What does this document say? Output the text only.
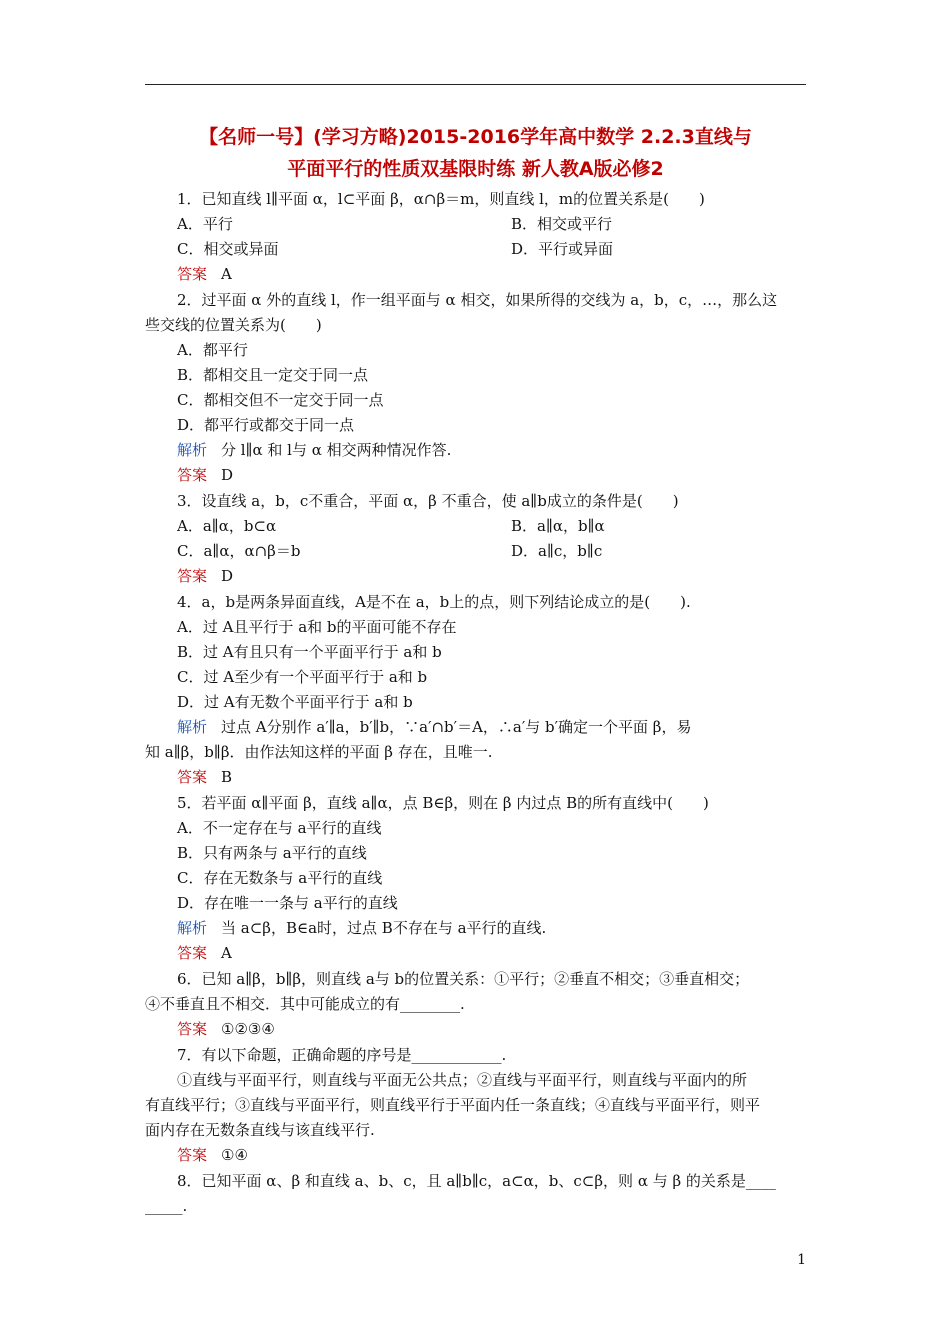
【名师一号】(学习方略)2015-2016学年高中数学 2.2.3直线与
平面平行的性质双基限时练 新人教A版必修2
1．已知直线 l∥平面 α，l⊂平面 β，α∩β＝m，则直线 l，m的位置关系是(　　)
A．平行	B．相交或平行
C．相交或异面	D．平行或异面
答案 A
2．过平面 α 外的直线 l，作一组平面与 α 相交，如果所得的交线为 a，b，c，…，那么这
些交线的位置关系为(　　)
A．都平行
B．都相交且一定交于同一点
C．都相交但不一定交于同一点
D．都平行或都交于同一点
解析 分 l∥α 和 l与 α 相交两种情况作答.
答案 D
3．设直线 a，b，c不重合，平面 α，β 不重合，使 a∥b成立的条件是(　　)
A．a∥α，b⊂α	B．a∥α，b∥α
C．a∥α，α∩β＝b	D．a∥c，b∥c
答案 D
4．a，b是两条异面直线，A是不在 a，b上的点，则下列结论成立的是(　　).
A．过 A且平行于 a和 b的平面可能不存在
B．过 A有且只有一个平面平行于 a和 b
C．过 A至少有一个平面平行于 a和 b
D．过 A有无数个平面平行于 a和 b
解析 过点 A分别作 a′∥a，b′∥b，∵a′∩b′＝A，∴a′与 b′确定一个平面 β，易
知 a∥β，b∥β．由作法知这样的平面 β 存在，且唯一.
答案 B
5．若平面 α∥平面 β，直线 a∥α，点 B∈β，则在 β 内过点 B的所有直线中(　　)
A．不一定存在与 a平行的直线
B．只有两条与 a平行的直线
C．存在无数条与 a平行的直线
D．存在唯一一条与 a平行的直线
解析 当 a⊂β，B∈a时，过点 B不存在与 a平行的直线.
答案 A
6．已知 a∥β，b∥β，则直线 a与 b的位置关系：①平行；②垂直不相交；③垂直相交；
④不垂直且不相交．其中可能成立的有________.
答案 ①②③④
7．有以下命题，正确命题的序号是____________.
①直线与平面平行，则直线与平面无公共点；②直线与平面平行，则直线与平面内的所
有直线平行；③直线与平面平行，则直线平行于平面内任一条直线；④直线与平面平行，则平
面内存在无数条直线与该直线平行.
答案 ①④
8．已知平面 α、β 和直线 a、b、c，且 a∥b∥c，a⊂α，b、c⊂β，则 α 与 β 的关系是____
_____.
1
